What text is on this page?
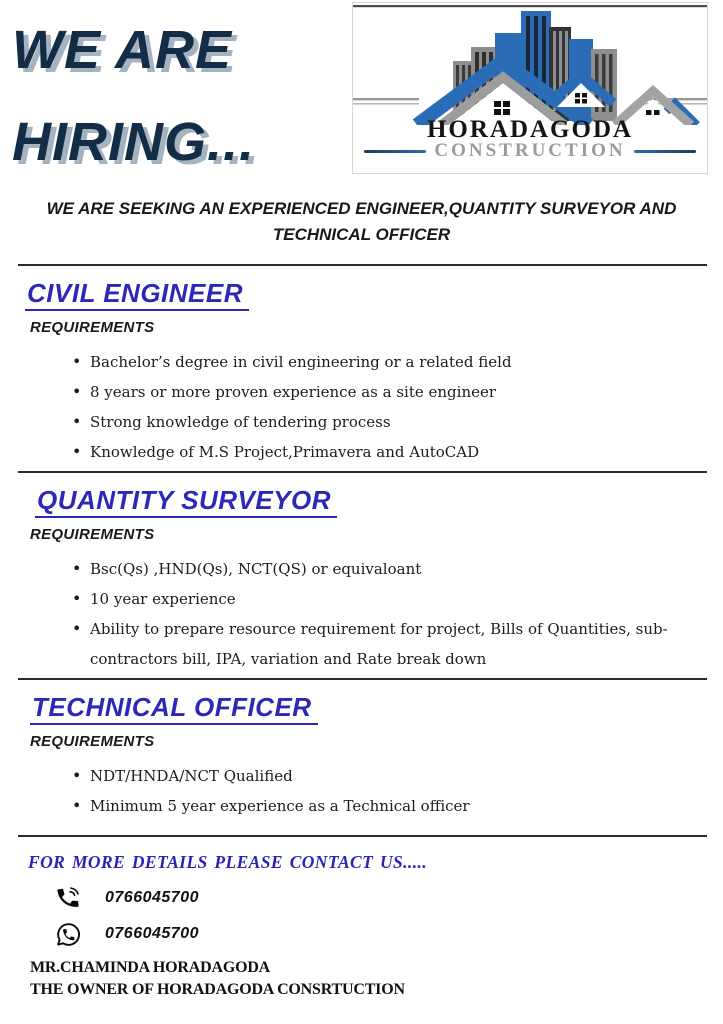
WE ARE
HIRING...	HORADAGODA
CONSTRUCTION

WE ARE SEEKING AN EXPERIENCED ENGINEER,QUANTITY SURVEYOR AND TECHNICAL OFFICER

CIVIL ENGINEER
REQUIREMENTS
• Bachelor’s degree in civil engineering or a related field
• 8 years or more proven experience as a site engineer
• Strong knowledge of tendering process
• Knowledge of M.S Project,Primavera and AutoCAD
QUANTITY SURVEYOR
REQUIREMENTS
• Bsc(Qs) ,HND(Qs), NCT(QS) or equivaloant
• 10 year experience
• Ability to prepare resource requirement for project, Bills of Quantities, sub-contractors bill, IPA, variation and Rate break down
TECHNICAL OFFICER
REQUIREMENTS
• NDT/HNDA/NCT Qualified
• Minimum 5 year experience as a Technical officer
FOR MORE DETAILS PLEASE CONTACT US.....
0766045700
0766045700
MR.CHAMINDA HORADAGODA
THE OWNER OF HORADAGODA CONSRTUCTION
